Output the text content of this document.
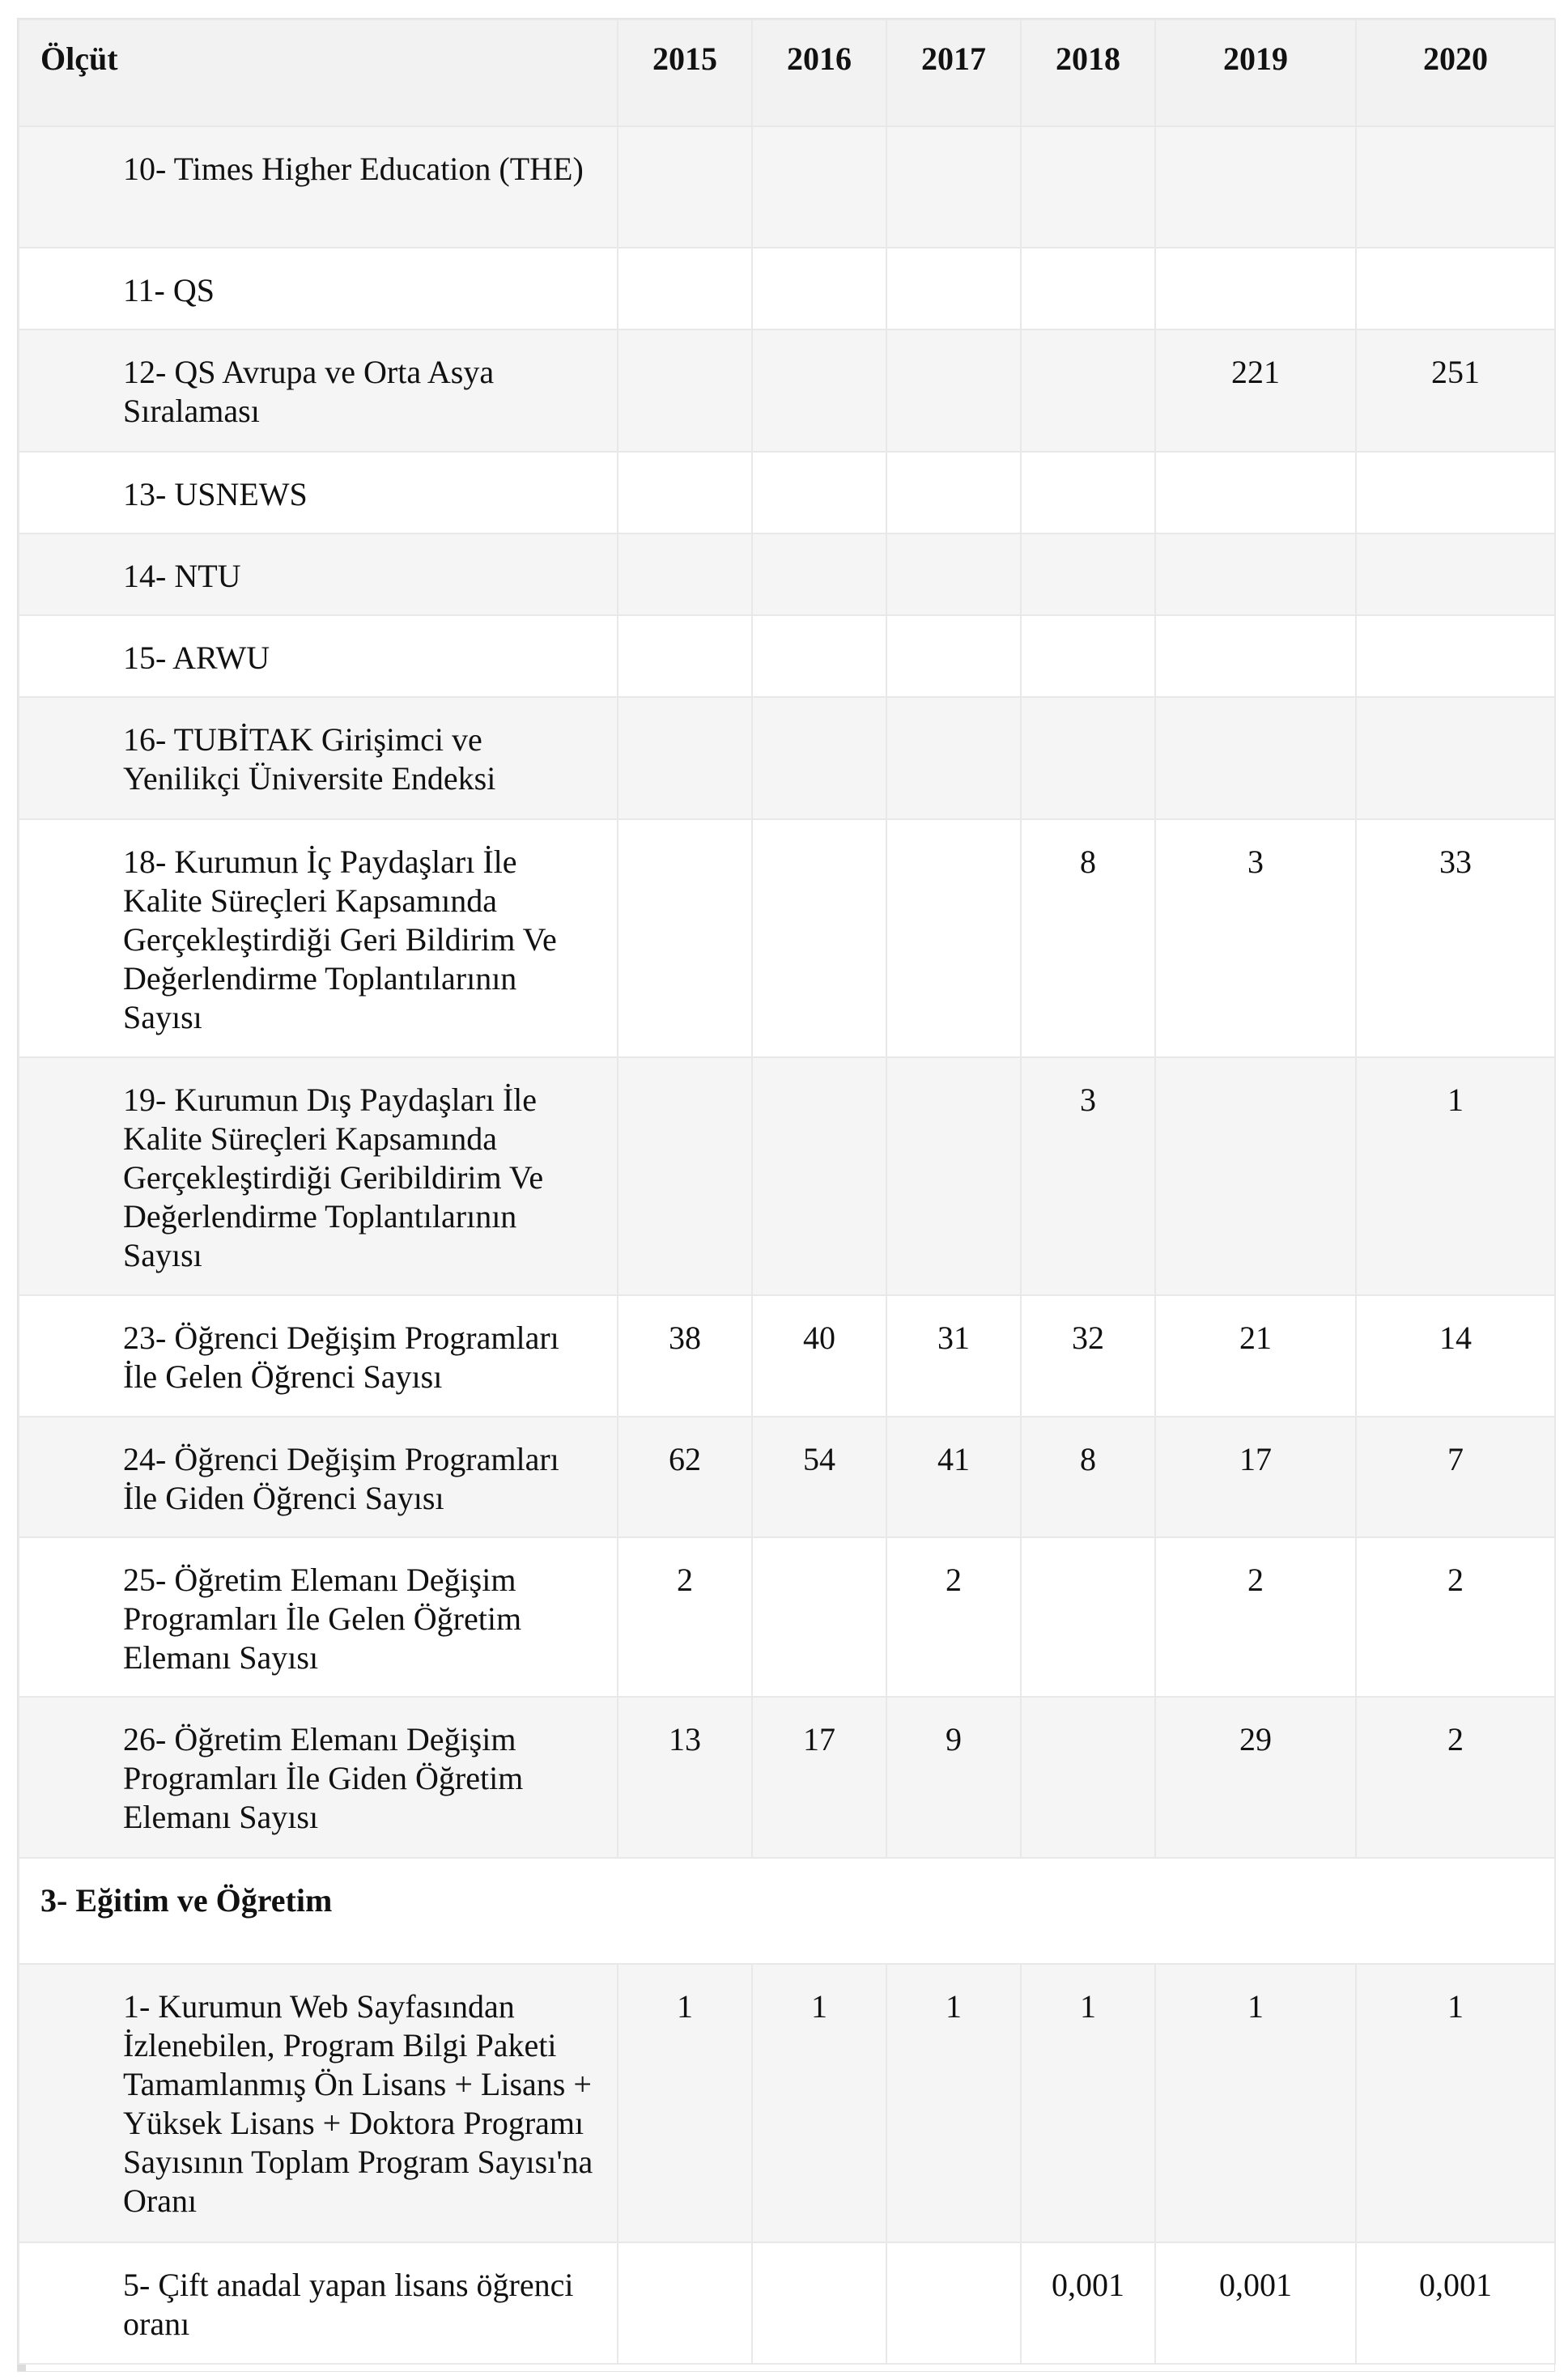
Ölçüt	2015	2016	2017	2018	2019	2020
10- Times Higher Education (THE)						
11- QS						
12- QS Avrupa ve Orta Asya Sıralaması					221	251
13- USNEWS						
14- NTU						
15- ARWU						
16- TUBİTAK Girişimci ve Yenilikçi Üniversite Endeksi						
18- Kurumun İç Paydaşları İle Kalite Süreçleri Kapsamında Gerçekleştirdiği Geri Bildirim Ve Değerlendirme Toplantılarının Sayısı				8	3	33
19- Kurumun Dış Paydaşları İle Kalite Süreçleri Kapsamında Gerçekleştirdiği Geribildirim Ve Değerlendirme Toplantılarının Sayısı				3		1
23- Öğrenci Değişim Programları İle Gelen Öğrenci Sayısı	38	40	31	32	21	14
24- Öğrenci Değişim Programları İle Giden Öğrenci Sayısı	62	54	41	8	17	7
25- Öğretim Elemanı Değişim Programları İle Gelen Öğretim Elemanı Sayısı	2		2		2	2
26- Öğretim Elemanı Değişim Programları İle Giden Öğretim Elemanı Sayısı	13	17	9		29	2
3- Eğitim ve Öğretim						
1- Kurumun Web Sayfasından İzlenebilen, Program Bilgi Paketi Tamamlanmış Ön Lisans + Lisans + Yüksek Lisans + Doktora Programı Sayısının Toplam Program Sayısı'na Oranı	1	1	1	1	1	1
5- Çift anadal yapan lisans öğrenci oranı				0,001	0,001	0,001
